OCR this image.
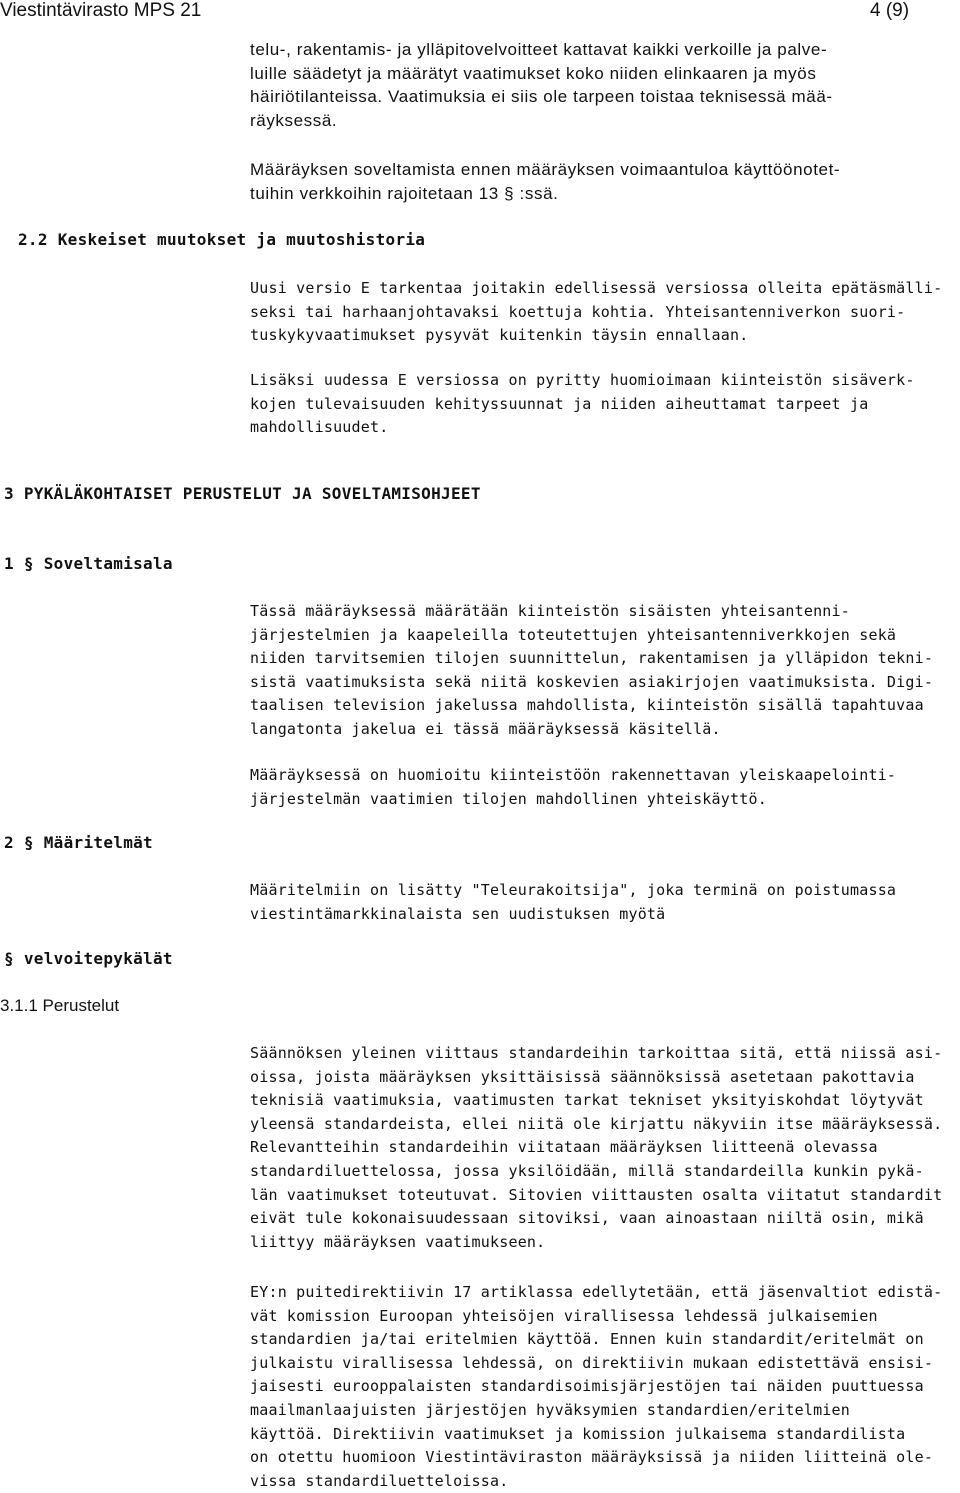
Viestintävirasto MPS 21	4 (9)
telu-, rakentamis- ja ylläpitovelvoitteet kattavat kaikki verkoille ja palve-
luille säädetyt ja määrätyt vaatimukset koko niiden elinkaaren ja myös
häiriötilanteissa. Vaatimuksia ei siis ole tarpeen toistaa teknisessä mää-
räyksessä.
Määräyksen soveltamista ennen määräyksen voimaantuloa käyttöönotet-
tuihin verkkoihin rajoitetaan 13 § :ssä.
2.2 Keskeiset muutokset ja muutoshistoria
Uusi versio E tarkentaa joitakin edellisessä versiossa olleita epätäsmälli-
seksi tai harhaanjohtavaksi koettuja kohtia. Yhteisantenniverkon suori-
tuskykyvaatimukset pysyvät kuitenkin täysin ennallaan.
Lisäksi uudessa E versiossa on pyritty huomioimaan kiinteistön sisäverk-
kojen tulevaisuuden kehityssuunnat ja niiden aiheuttamat tarpeet ja
mahdollisuudet.
3 PYKÄLÄKOHTAISET PERUSTELUT JA SOVELTAMISOHJEET
1 § Soveltamisala
Tässä määräyksessä määrätään kiinteistön sisäisten yhteisantenni-
järjestelmien ja kaapeleilla toteutettujen yhteisantenniverkkojen sekä
niiden tarvitsemien tilojen suunnittelun, rakentamisen ja ylläpidon tekni-
sistä vaatimuksista sekä niitä koskevien asiakirjojen vaatimuksista. Digi-
taalisen television jakelussa mahdollista, kiinteistön sisällä tapahtuvaa
langatonta jakelua ei tässä määräyksessä käsitellä.
Määräyksessä on huomioitu kiinteistöön rakennettavan yleiskaapelointi-
järjestelmän vaatimien tilojen mahdollinen yhteiskäyttö.
2 § Määritelmät
Määritelmiin on lisätty "Teleurakoitsija", joka terminä on poistumassa
viestintämarkkinalaista sen uudistuksen myötä
§ velvoitepykälät
3.1.1 Perustelut
Säännöksen yleinen viittaus standardeihin tarkoittaa sitä, että niissä asi-
oissa, joista määräyksen yksittäisissä säännöksissä asetetaan pakottavia
teknisiä vaatimuksia, vaatimusten tarkat tekniset yksityiskohdat löytyvät
yleensä standardeista, ellei niitä ole kirjattu näkyviin itse määräyksessä.
Relevantteihin standardeihin viitataan määräyksen liitteenä olevassa
standardiluettelossa, jossa yksilöidään, millä standardeilla kunkin pykä-
län vaatimukset toteutuvat. Sitovien viittausten osalta viitatut standardit
eivät tule kokonaisuudessaan sitoviksi, vaan ainoastaan niiltä osin, mikä
liittyy määräyksen vaatimukseen.
EY:n puitedirektiivin 17 artiklassa edellytetään, että jäsenvaltiot edistä-
vät komission Euroopan yhteisöjen virallisessa lehdessä julkaisemien
standardien ja/tai eritelmien käyttöä. Ennen kuin standardit/eritelmät on
julkaistu virallisessa lehdessä, on direktiivin mukaan edistettävä ensisi-
jaisesti eurooppalaisten standardisoimisjärjestöjen tai näiden puuttuessa
maailmanlaajuisten järjestöjen hyväksymien standardien/eritelmien
käyttöä. Direktiivin vaatimukset ja komission julkaisema standardilista
on otettu huomioon Viestintäviraston määräyksissä ja niiden liitteinä ole-
vissa standardiluetteloissa.
